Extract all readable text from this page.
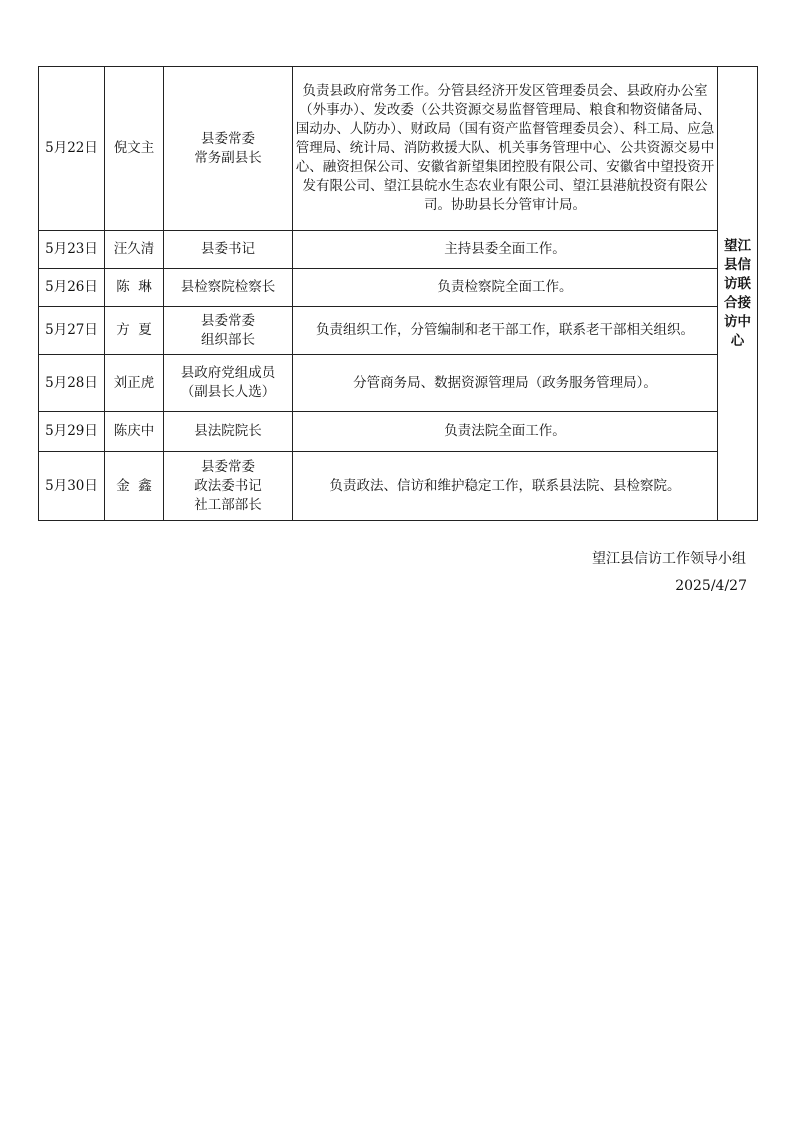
5月22日	倪文主	县委常委
常务副县长	负责县政府常务工作。分管县经济开发区管理委员会、县政府办公室（外事办）、发改委（公共资源交易监督管理局、粮食和物资储备局、国动办、人防办）、财政局（国有资产监督管理委员会）、科工局、应急管理局、统计局、消防救援大队、机关事务管理中心、公共资源交易中心、融资担保公司、安徽省新望集团控股有限公司、安徽省中望投资开发有限公司、望江县皖水生态农业有限公司、望江县港航投资有限公司。协助县长分管审计局。	望江县信访联合接访中心
5月23日	汪久清	县委书记	主持县委全面工作。	
5月26日	陈  琳	县检察院检察长	负责检察院全面工作。	
5月27日	方  夏	县委常委
组织部长	负责组织工作，分管编制和老干部工作，联系老干部相关组织。	
5月28日	刘正虎	县政府党组成员
（副县长人选）	分管商务局、数据资源管理局（政务服务管理局）。	
5月29日	陈庆中	县法院院长	负责法院全面工作。	
5月30日	金  鑫	县委常委
政法委书记
社工部部长	负责政法、信访和维护稳定工作，联系县法院、县检察院。	
望江县信访工作领导小组
2025/4/27
